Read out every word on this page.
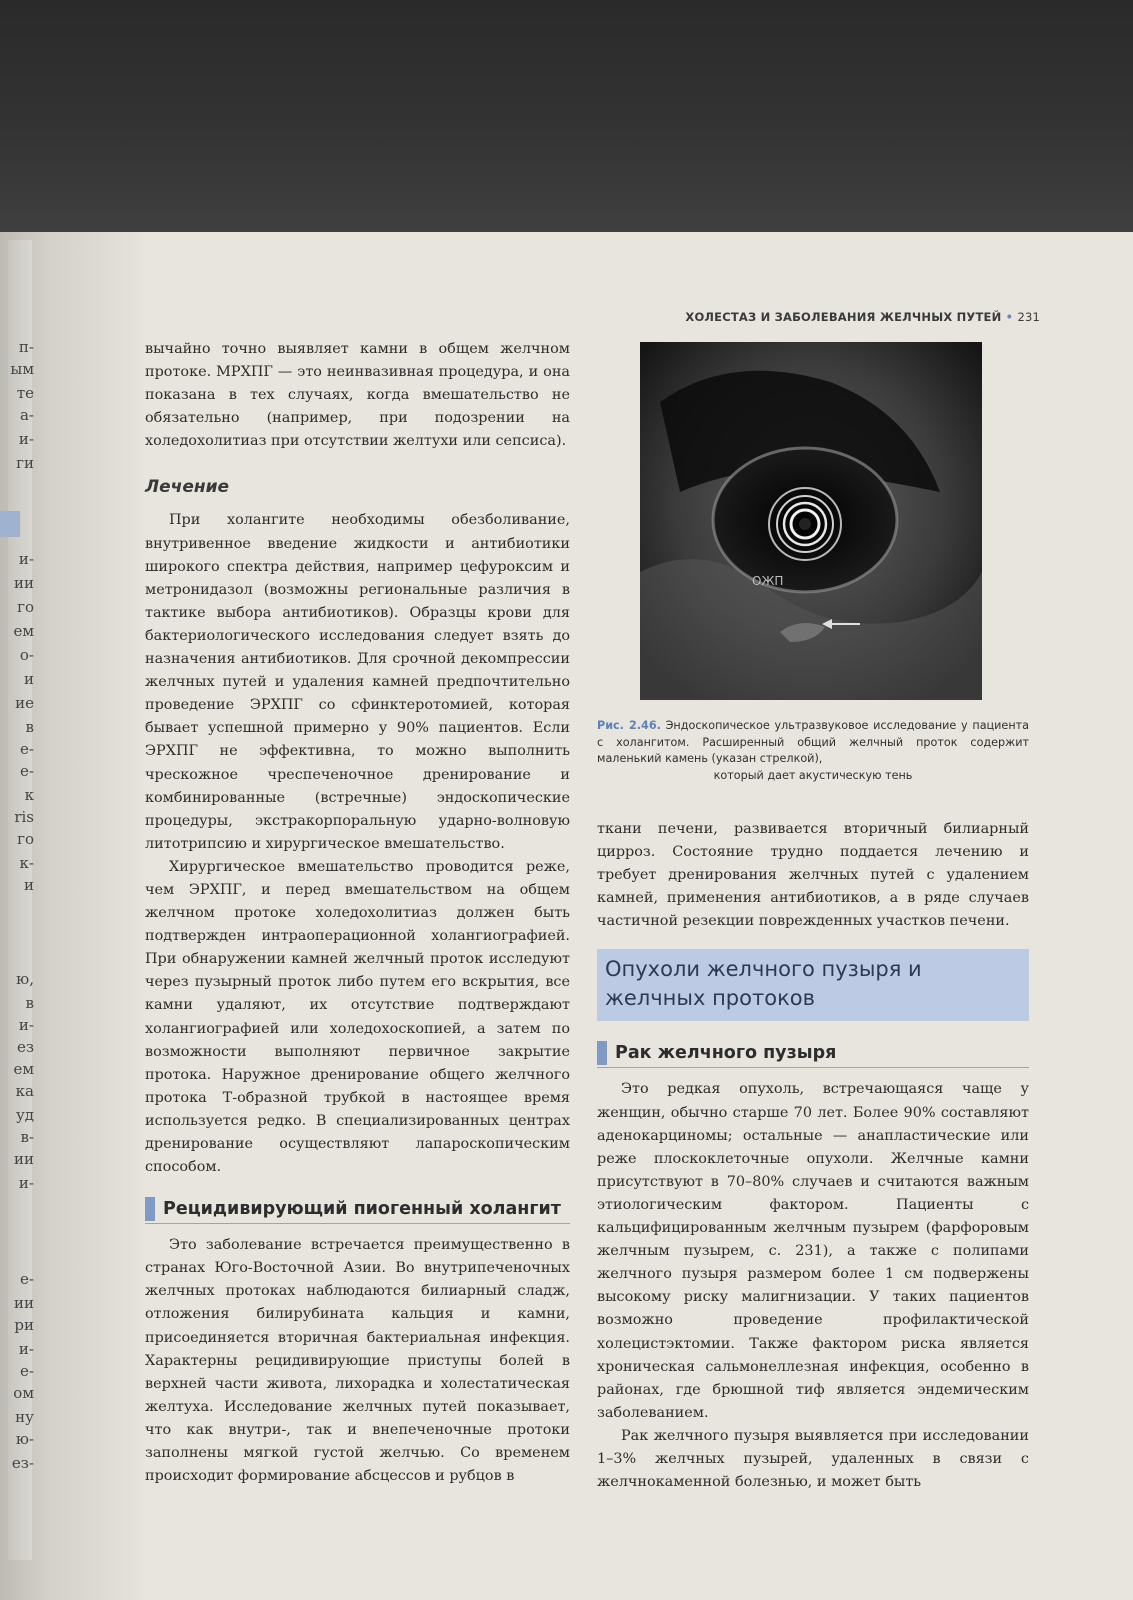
п-
ым
те
а-
и-
ги
и-
ии
го
ем
о-
и
ие
в
е-
е-
к
ris
го
к-
и
ю,
в
и-
ез
ем
ка
уд
в-
ии
и-
е-
ии
ри
и-
е-
ом
ну
ю-
ез-
ХОЛЕСТАЗ И ЗАБОЛЕВАНИЯ ЖЕЛЧНЫХ ПУТЕЙ • 231

вычайно точно выявляет камни в общем желчном протоке. МРХПГ — это неинвазивная процедура, и она показана в тех случаях, когда вмешательство не обязательно (например, при подозрении на холедохолитиаз при отсутствии желтухи или сепсиса).

Лечение

При холангите необходимы обезболивание, внутривенное введение жидкости и антибиотики широкого спектра действия, например цефуроксим и метронидазол (возможны региональные различия в тактике выбора антибиотиков). Образцы крови для бактериологического исследования следует взять до назначения антибиотиков. Для срочной декомпрессии желчных путей и удаления камней предпочтительно проведение ЭРХПГ со сфинктеротомией, которая бывает успешной примерно у 90% пациентов. Если ЭРХПГ не эффективна, то можно выполнить чрескожное чреспеченочное дренирование и комбинированные (встречные) эндоскопические процедуры, экстракорпоральную ударно-волновую литотрипсию и хирургическое вмешательство.

Хирургическое вмешательство проводится реже, чем ЭРХПГ, и перед вмешательством на общем желчном протоке холедохолитиаз должен быть подтвержден интраоперационной холангиографией. При обнаружении камней желчный проток исследуют через пузырный проток либо путем его вскрытия, все камни удаляют, их отсутствие подтверждают холангиографией или холедохоскопией, а затем по возможности выполняют первичное закрытие протока. Наружное дренирование общего желчного протока Т-образной трубкой в настоящее время используется редко. В специализированных центрах дренирование осуществляют лапароскопическим способом.

Рецидивирующий пиогенный холангит

Это заболевание встречается преимущественно в странах Юго-Восточной Азии. Во внутрипеченочных желчных протоках наблюдаются билиарный сладж, отложения билирубината кальция и камни, присоединяется вторичная бактериальная инфекция. Характерны рецидивирующие приступы болей в верхней части живота, лихорадка и холестатическая желтуха. Исследование желчных путей показывает, что как внутри-, так и внепеченочные протоки заполнены мягкой густой желчью. Со временем происходит формирование абсцессов и рубцов в

ОЖП
Рис. 2.46. Эндоскопическое ультразвуковое исследование у пациента с холангитом. Расширенный общий желчный проток содержит маленький камень (указан стрелкой),
который дает акустическую тень

ткани печени, развивается вторичный билиарный цирроз. Состояние трудно поддается лечению и требует дренирования желчных путей с удалением камней, применения антибиотиков, а в ряде случаев частичной резекции поврежденных участков печени.

Опухоли желчного пузыря и желчных протоков
Рак желчного пузыря

Это редкая опухоль, встречающаяся чаще у женщин, обычно старше 70 лет. Более 90% составляют аденокарциномы; остальные — анапластические или реже плоскоклеточные опухоли. Желчные камни присутствуют в 70–80% случаев и считаются важным этиологическим фактором. Пациенты с кальцифицированным желчным пузырем (фарфоровым желчным пузырем, с. 231), а также с полипами желчного пузыря размером более 1 см подвержены высокому риску малигнизации. У таких пациентов возможно проведение профилактической холецистэктомии. Также фактором риска является хроническая сальмонеллезная инфекция, особенно в районах, где брюшной тиф является эндемическим заболеванием.

Рак желчного пузыря выявляется при исследовании 1–3% желчных пузырей, удаленных в связи с желчнокаменной болезнью, и может быть
